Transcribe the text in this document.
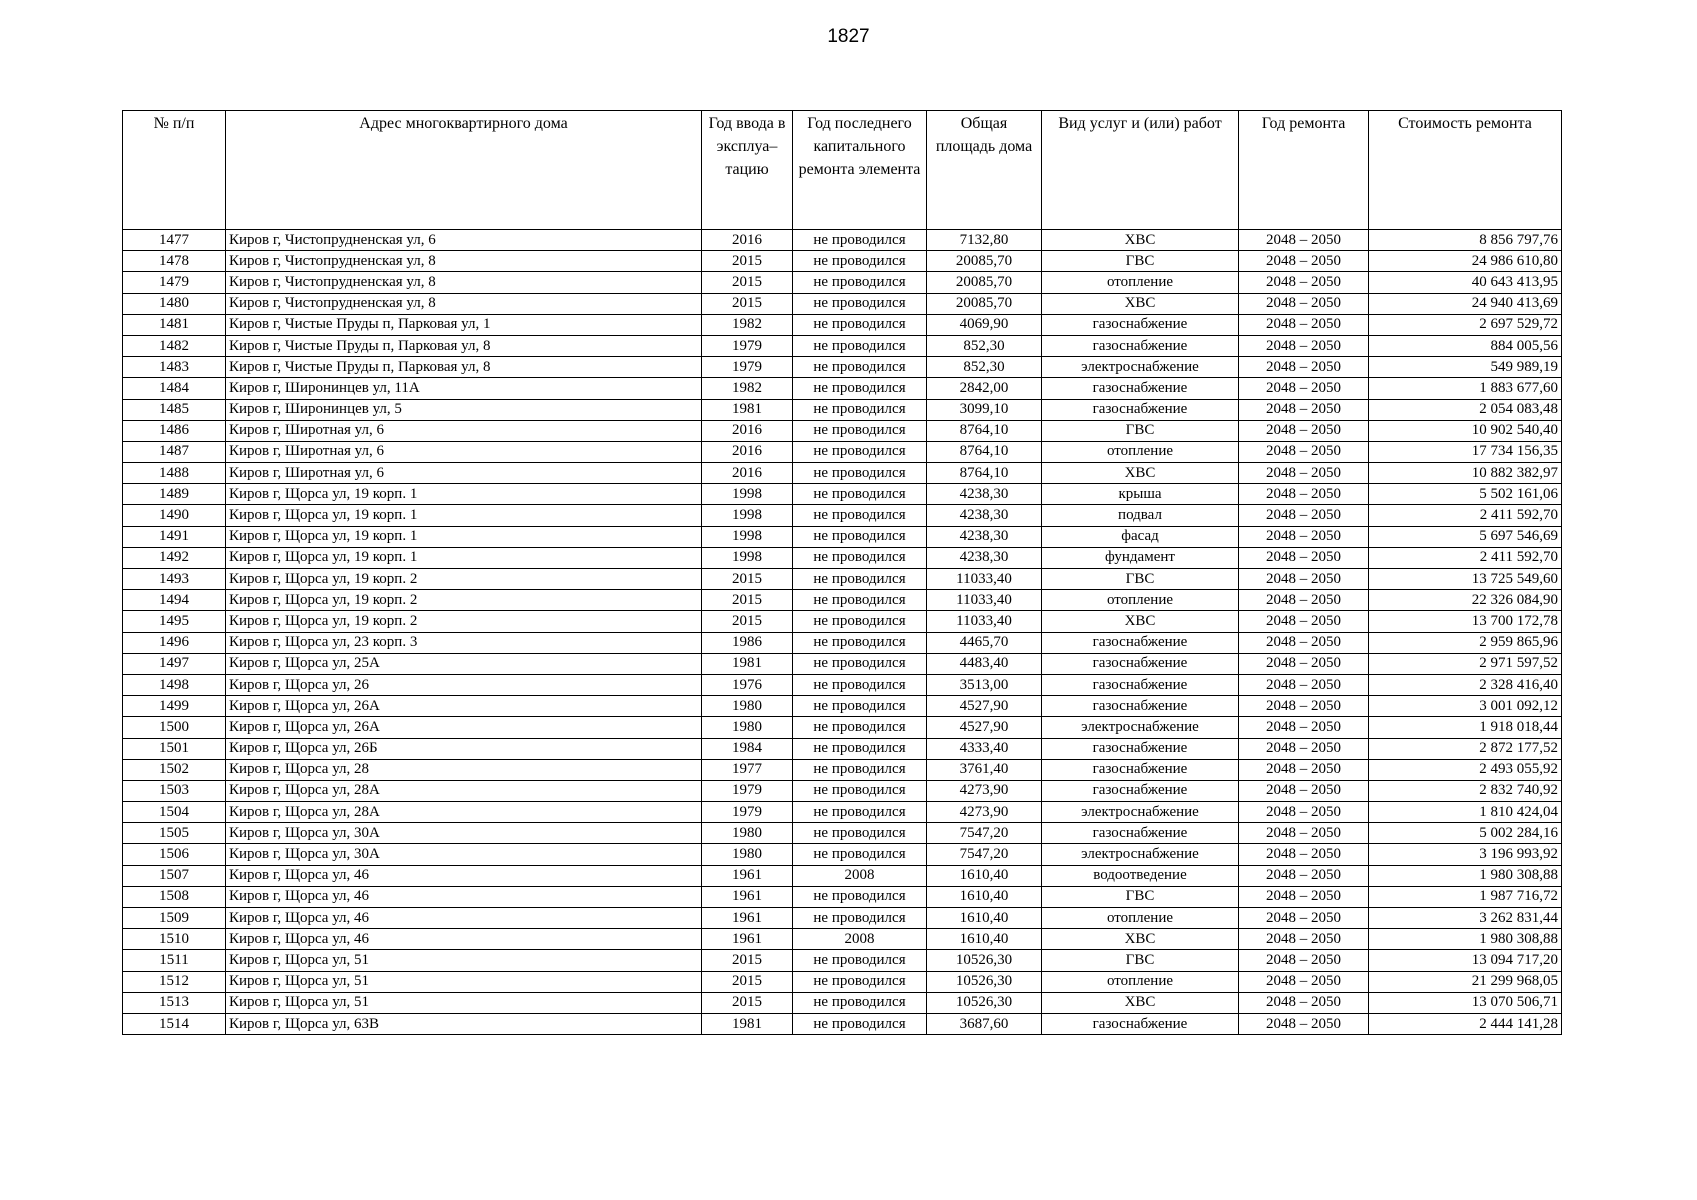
1827
№ п/п	Адрес многоквартирного дома	Год ввода в эксплуа–тацию	Год последнего капитального ремонта элемента	Общая площадь дома	Вид услуг и (или) работ	Год ремонта	Стоимость ремонта
1477	Киров г, Чистопрудненская ул, 6	2016	не проводился	7132,80	ХВС	2048 – 2050	8 856 797,76
1478	Киров г, Чистопрудненская ул, 8	2015	не проводился	20085,70	ГВС	2048 – 2050	24 986 610,80
1479	Киров г, Чистопрудненская ул, 8	2015	не проводился	20085,70	отопление	2048 – 2050	40 643 413,95
1480	Киров г, Чистопрудненская ул, 8	2015	не проводился	20085,70	ХВС	2048 – 2050	24 940 413,69
1481	Киров г, Чистые Пруды п, Парковая ул, 1	1982	не проводился	4069,90	газоснабжение	2048 – 2050	2 697 529,72
1482	Киров г, Чистые Пруды п, Парковая ул, 8	1979	не проводился	852,30	газоснабжение	2048 – 2050	884 005,56
1483	Киров г, Чистые Пруды п, Парковая ул, 8	1979	не проводился	852,30	электроснабжение	2048 – 2050	549 989,19
1484	Киров г, Широнинцев ул, 11А	1982	не проводился	2842,00	газоснабжение	2048 – 2050	1 883 677,60
1485	Киров г, Широнинцев ул, 5	1981	не проводился	3099,10	газоснабжение	2048 – 2050	2 054 083,48
1486	Киров г, Широтная ул, 6	2016	не проводился	8764,10	ГВС	2048 – 2050	10 902 540,40
1487	Киров г, Широтная ул, 6	2016	не проводился	8764,10	отопление	2048 – 2050	17 734 156,35
1488	Киров г, Широтная ул, 6	2016	не проводился	8764,10	ХВС	2048 – 2050	10 882 382,97
1489	Киров г, Щорса ул, 19 корп. 1	1998	не проводился	4238,30	крыша	2048 – 2050	5 502 161,06
1490	Киров г, Щорса ул, 19 корп. 1	1998	не проводился	4238,30	подвал	2048 – 2050	2 411 592,70
1491	Киров г, Щорса ул, 19 корп. 1	1998	не проводился	4238,30	фасад	2048 – 2050	5 697 546,69
1492	Киров г, Щорса ул, 19 корп. 1	1998	не проводился	4238,30	фундамент	2048 – 2050	2 411 592,70
1493	Киров г, Щорса ул, 19 корп. 2	2015	не проводился	11033,40	ГВС	2048 – 2050	13 725 549,60
1494	Киров г, Щорса ул, 19 корп. 2	2015	не проводился	11033,40	отопление	2048 – 2050	22 326 084,90
1495	Киров г, Щорса ул, 19 корп. 2	2015	не проводился	11033,40	ХВС	2048 – 2050	13 700 172,78
1496	Киров г, Щорса ул, 23 корп. 3	1986	не проводился	4465,70	газоснабжение	2048 – 2050	2 959 865,96
1497	Киров г, Щорса ул, 25А	1981	не проводился	4483,40	газоснабжение	2048 – 2050	2 971 597,52
1498	Киров г, Щорса ул, 26	1976	не проводился	3513,00	газоснабжение	2048 – 2050	2 328 416,40
1499	Киров г, Щорса ул, 26А	1980	не проводился	4527,90	газоснабжение	2048 – 2050	3 001 092,12
1500	Киров г, Щорса ул, 26А	1980	не проводился	4527,90	электроснабжение	2048 – 2050	1 918 018,44
1501	Киров г, Щорса ул, 26Б	1984	не проводился	4333,40	газоснабжение	2048 – 2050	2 872 177,52
1502	Киров г, Щорса ул, 28	1977	не проводился	3761,40	газоснабжение	2048 – 2050	2 493 055,92
1503	Киров г, Щорса ул, 28А	1979	не проводился	4273,90	газоснабжение	2048 – 2050	2 832 740,92
1504	Киров г, Щорса ул, 28А	1979	не проводился	4273,90	электроснабжение	2048 – 2050	1 810 424,04
1505	Киров г, Щорса ул, 30А	1980	не проводился	7547,20	газоснабжение	2048 – 2050	5 002 284,16
1506	Киров г, Щорса ул, 30А	1980	не проводился	7547,20	электроснабжение	2048 – 2050	3 196 993,92
1507	Киров г, Щорса ул, 46	1961	2008	1610,40	водоотведение	2048 – 2050	1 980 308,88
1508	Киров г, Щорса ул, 46	1961	не проводился	1610,40	ГВС	2048 – 2050	1 987 716,72
1509	Киров г, Щорса ул, 46	1961	не проводился	1610,40	отопление	2048 – 2050	3 262 831,44
1510	Киров г, Щорса ул, 46	1961	2008	1610,40	ХВС	2048 – 2050	1 980 308,88
1511	Киров г, Щорса ул, 51	2015	не проводился	10526,30	ГВС	2048 – 2050	13 094 717,20
1512	Киров г, Щорса ул, 51	2015	не проводился	10526,30	отопление	2048 – 2050	21 299 968,05
1513	Киров г, Щорса ул, 51	2015	не проводился	10526,30	ХВС	2048 – 2050	13 070 506,71
1514	Киров г, Щорса ул, 63В	1981	не проводился	3687,60	газоснабжение	2048 – 2050	2 444 141,28
